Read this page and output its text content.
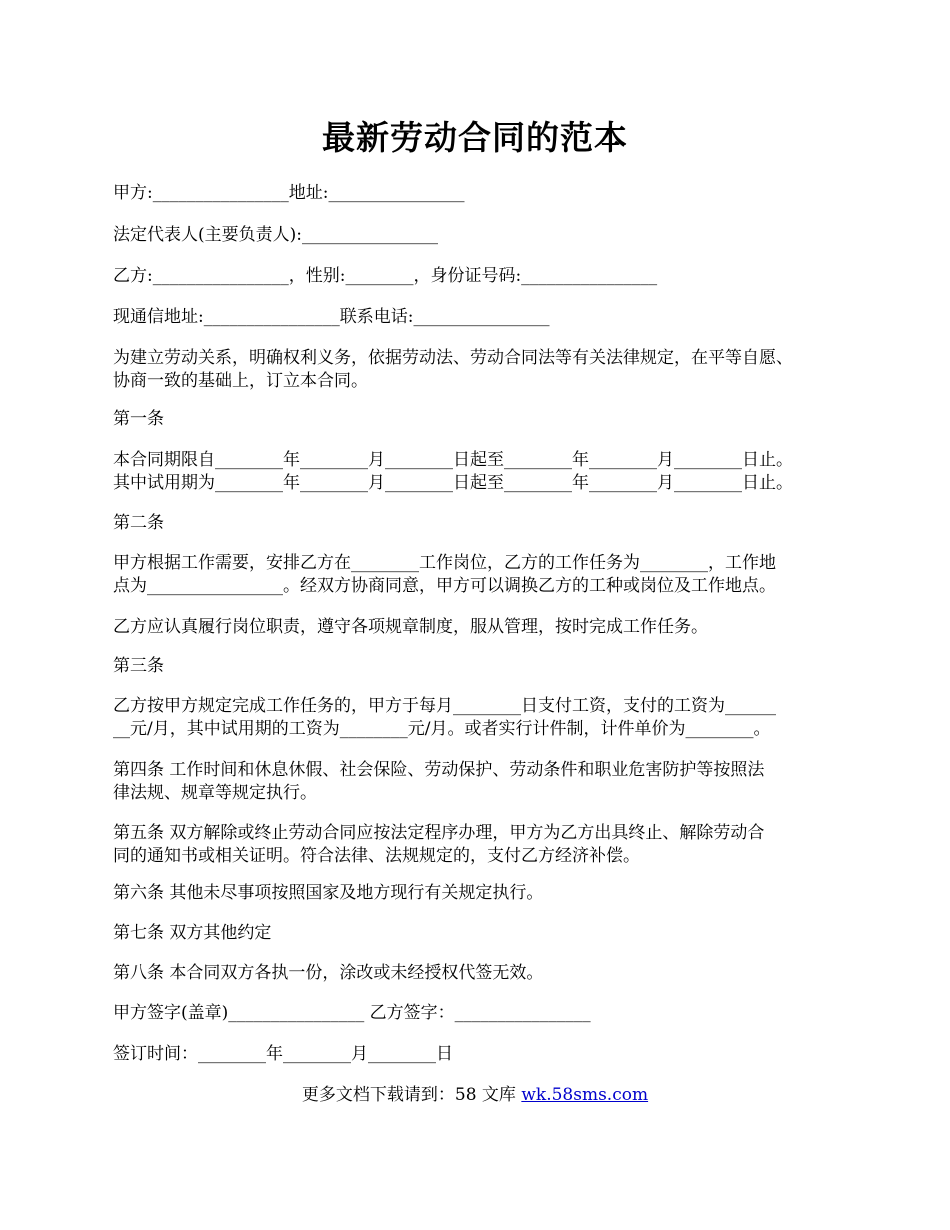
最新劳动合同的范本
甲方:________________地址:________________
法定代表人(主要负责人):________________
乙方:________________，性别:________，身份证号码:________________
现通信地址:________________联系电话:________________
为建立劳动关系，明确权利义务，依据劳动法、劳动合同法等有关法律规定，在平等自愿、
协商一致的基础上，订立本合同。
第一条
本合同期限自________年________月________日起至________年________月________日止。
其中试用期为________年________月________日起至________年________月________日止。
第二条
甲方根据工作需要，安排乙方在________工作岗位，乙方的工作任务为________，工作地
点为________________。经双方协商同意，甲方可以调换乙方的工种或岗位及工作地点。
乙方应认真履行岗位职责，遵守各项规章制度，服从管理，按时完成工作任务。
第三条
乙方按甲方规定完成工作任务的，甲方于每月________日支付工资，支付的工资为______
__元/月，其中试用期的工资为________元/月。或者实行计件制，计件单价为________。
第四条 工作时间和休息休假、社会保险、劳动保护、劳动条件和职业危害防护等按照法
律法规、规章等规定执行。
第五条 双方解除或终止劳动合同应按法定程序办理，甲方为乙方出具终止、解除劳动合
同的通知书或相关证明。符合法律、法规规定的，支付乙方经济补偿。
第六条 其他未尽事项按照国家及地方现行有关规定执行。
第七条 双方其他约定
第八条 本合同双方各执一份，涂改或未经授权代签无效。
甲方签字(盖章)________________ 乙方签字：________________
签订时间：________年________月________日
更多文档下载请到：58 文库 wk.58sms.com
